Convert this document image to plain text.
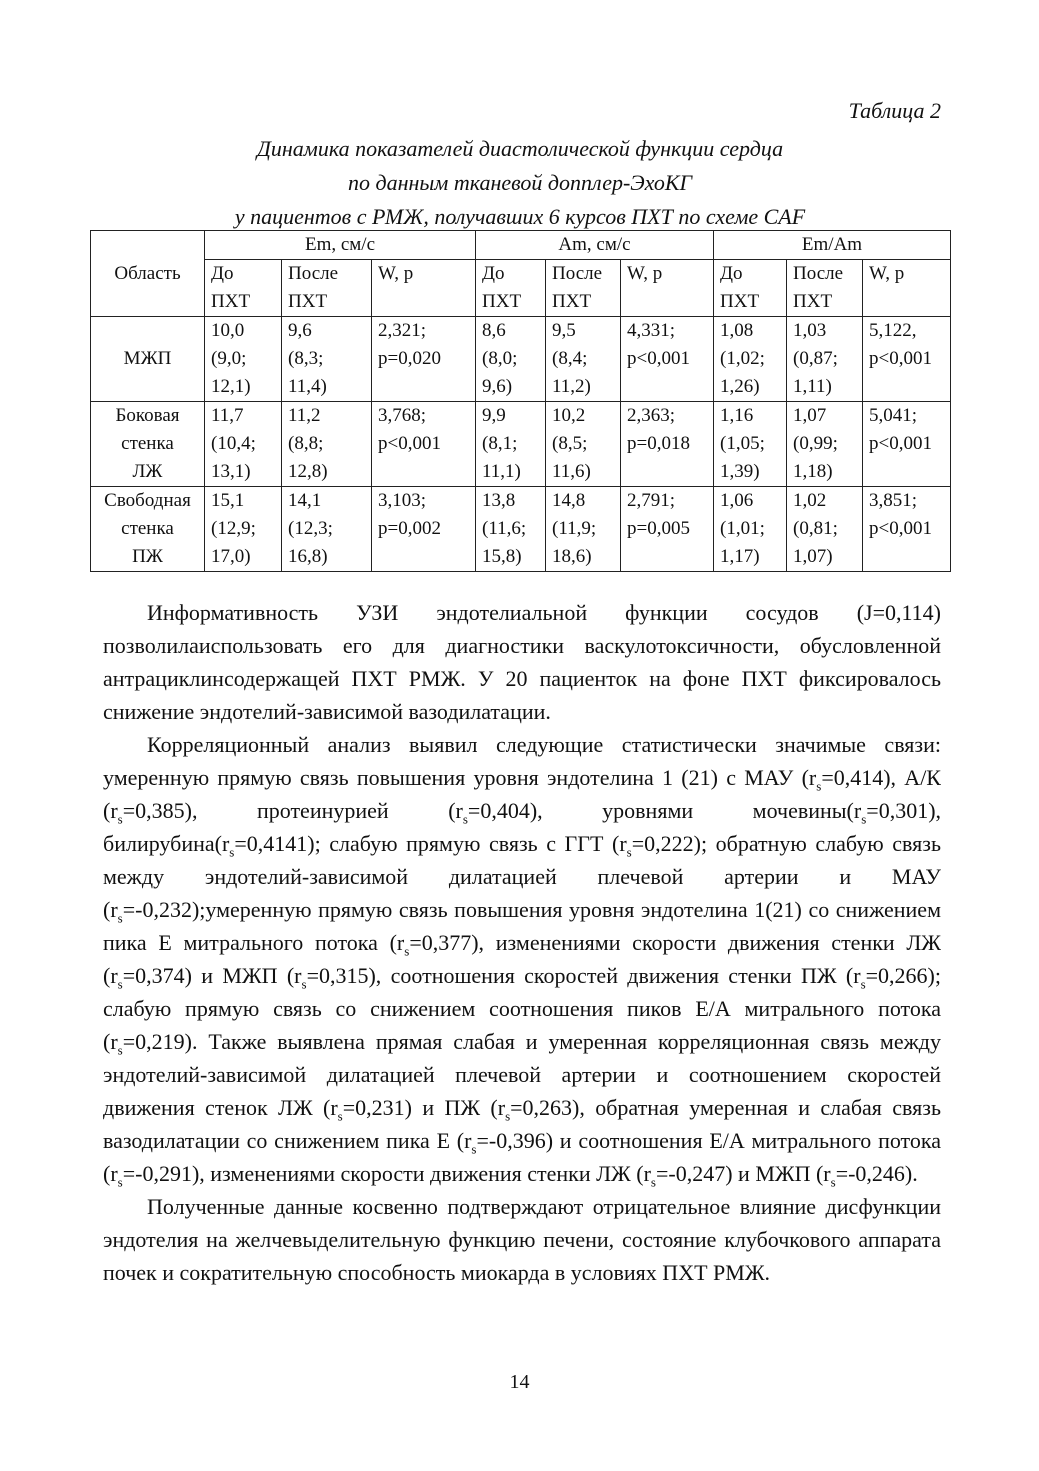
Таблица 2
Динамика показателей диастолической функции сердца
по данным тканевой допплер-ЭхоКГ
у пациентов с РМЖ, получавших 6 курсов ПХТ по схеме CAF
Область	Em, см/с			Am, см/с			Em/Am		

	До
ПХТ	После
ПХТ	W, p	До
ПХТ	После
ПХТ	W, p	До
ПХТ	После
ПХТ	W, p

МЖП	10,0
(9,0;
12,1)	9,6
(8,3;
11,4)	2,321;
p=0,020	8,6
(8,0;
9,6)	9,5
(8,4;
11,2)	4,331;
p<0,001	1,08
(1,02;
1,26)	1,03
(0,87;
1,11)	5,122,
p<0,001

Боковая
стенка
ЛЖ	11,7
(10,4;
13,1)	11,2
(8,8;
12,8)	3,768;
p<0,001	9,9
(8,1;
11,1)	10,2
(8,5;
11,6)	2,363;
p=0,018	1,16
(1,05;
1,39)	1,07
(0,99;
1,18)	5,041;
p<0,001

Свободная
стенка
ПЖ	15,1
(12,9;
17,0)	14,1
(12,3;
16,8)	3,103;
p=0,002	13,8
(11,6;
15,8)	14,8
(11,9;
18,6)	2,791;
p=0,005	1,06
(1,01;
1,17)	1,02
(0,81;
1,07)	3,851;
p<0,001

Информативность УЗИ эндотелиальной функции сосудов (J=0,114) позволилаиспользовать его для диагностики васкулотоксичности, обусловленной антрациклинсодержащей ПХТ РМЖ. У 20 пациенток на фоне ПХТ фиксировалось снижение эндотелий-зависимой вазодилатации.

Корреляционный анализ выявил следующие статистически значимые связи: умеренную прямую связь повышения уровня эндотелина 1 (21) с МАУ $(r_s=0,414)$, А/К $(r_s=0,385)$, протеинурией $(r_s=0,404)$, уровнями $мочевины(r_s=0,301)$, $билирубина(r_s=0,4141)$; слабую прямую связь с ГГТ $(r_s=0,222)$; обратную слабую связь между эндотелий-зависимой дилатацией плечевой артерии и МАУ $(r_s=-0,232);умеренную$ прямую связь повышения уровня эндотелина 1(21) со снижением пика Е митрального потока $(r_s=0,377)$, изменениями скорости движения стенки ЛЖ $(r_s=0,374)$ и МЖП $(r_s=0,315)$, соотношения скоростей движения стенки ПЖ $(r_s=0,266)$; слабую прямую связь со снижением соотношения пиков Е/А митрального потока $(r_s=0,219)$. Также выявлена прямая слабая и умеренная корреляционная связь между эндотелий-зависимой дилатацией плечевой артерии и соотношением скоростей движения стенок ЛЖ $(r_s=0,231)$ и ПЖ $(r_s=0,263)$, обратная умеренная и слабая связь вазодилатации со снижением пика Е $(r_s=-0,396)$ и соотношения Е/А митрального потока $(r_s=-0,291)$, изменениями скорости движения стенки ЛЖ $(r_s=-0,247)$ и МЖП $(r_s=-0,246)$.

Полученные данные косвенно подтверждают отрицательное влияние дисфункции эндотелия на желчевыделительную функцию печени, состояние клубочкового аппарата почек и сократительную способность миокарда в условиях ПХТ РМЖ.

14
